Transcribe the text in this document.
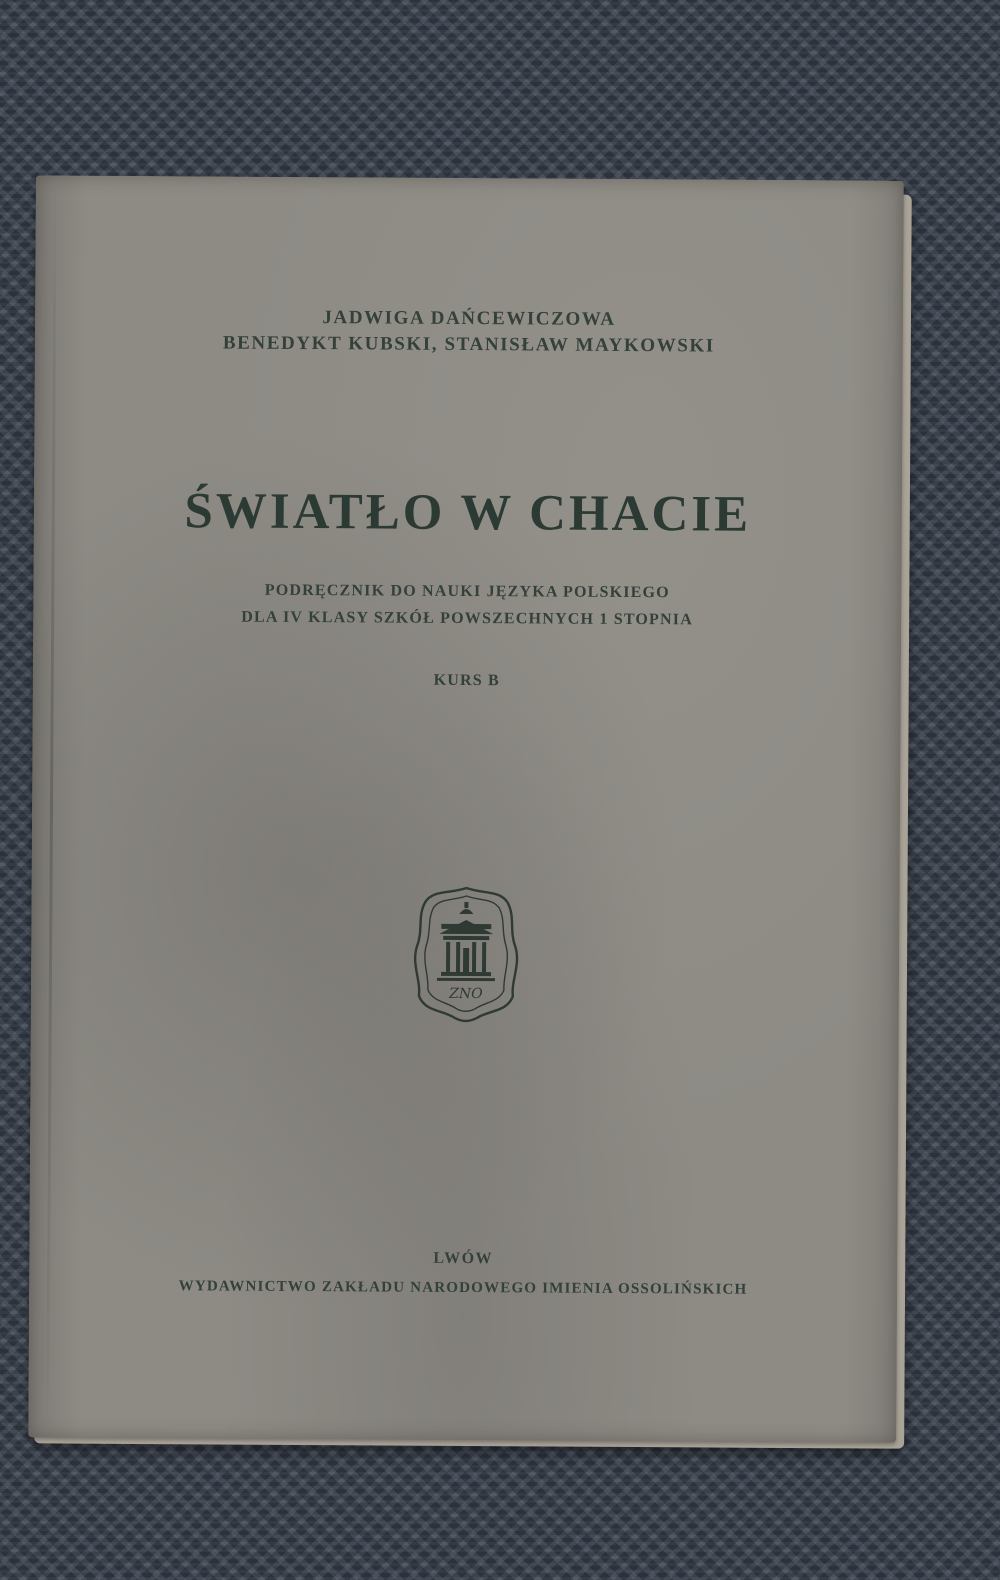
JADWIGA DAŃCEWICZOWA
BENEDYKT KUBSKI, STANISŁAW MAYKOWSKI
ŚWIATŁO W CHACIE
PODRĘCZNIK DO NAUKI JĘZYKA POLSKIEGO
DLA IV KLASY SZKÓŁ POWSZECHNYCH 1 STOPNIA
KURS B
ZNO
LWÓW
WYDAWNICTWO ZAKŁADU NARODOWEGO IMIENIA OSSOLIŃSKICH
